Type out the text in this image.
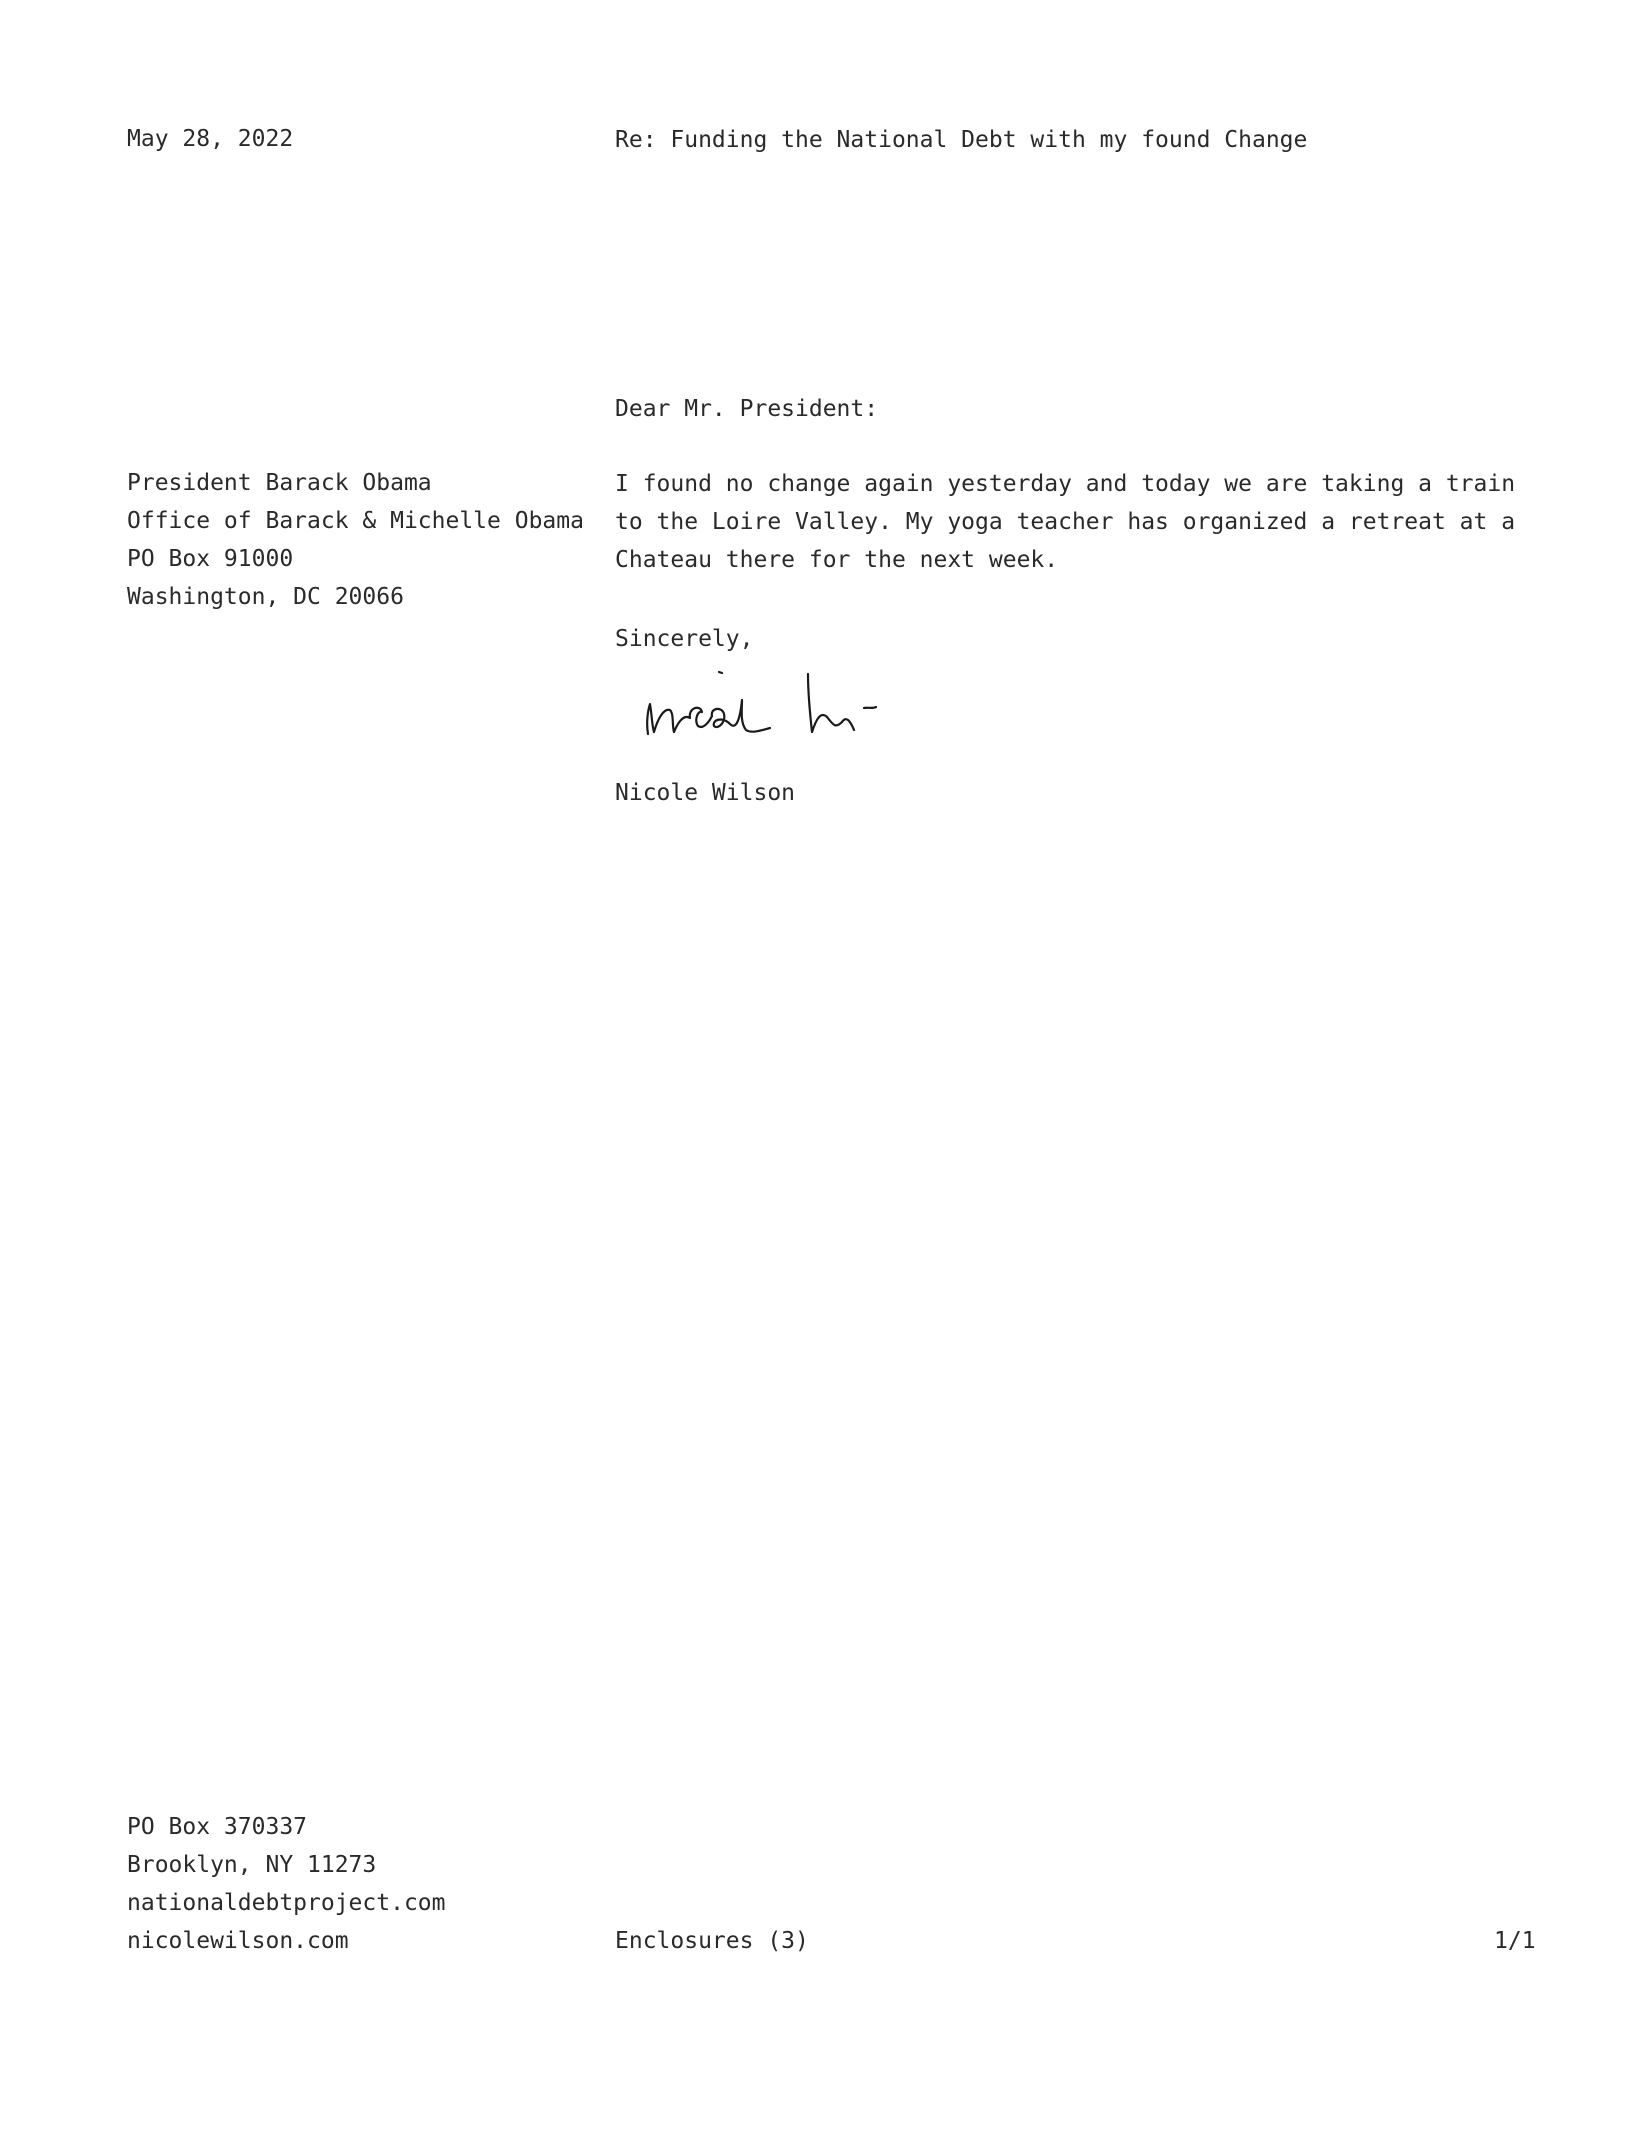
May 28, 2022	Re: Funding the National Debt with my found Change
Dear Mr. President:
President Barack Obama
Office of Barack & Michelle Obama
PO Box 91000
Washington, DC 20066
I found no change again yesterday and today we are taking a train
to the Loire Valley. My yoga teacher has organized a retreat at a
Chateau there for the next week.
Sincerely,
Nicole Wilson
PO Box 370337
Brooklyn, NY 11273
nationaldebtproject.com
nicolewilson.com	Enclosures (3)	1/1
